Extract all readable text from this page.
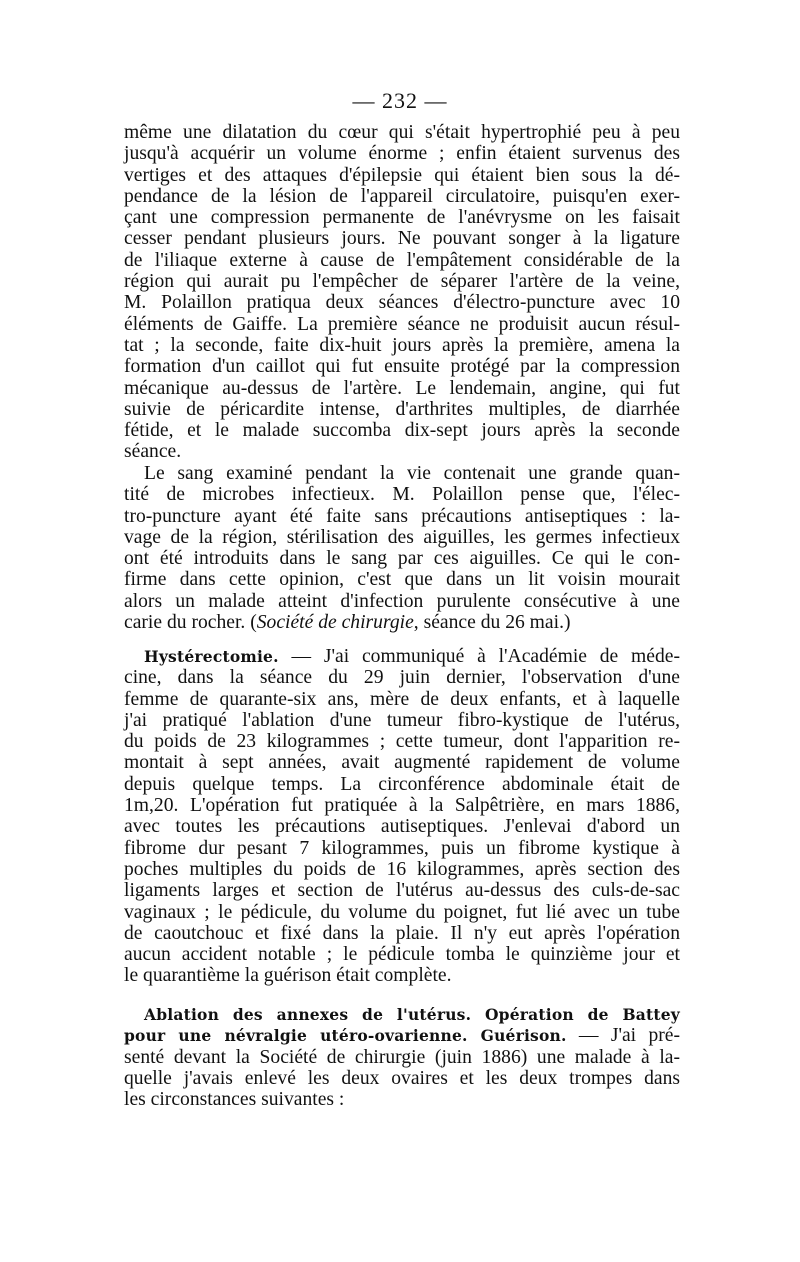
— 232 —
même une dilatation du cœur qui s'était hypertrophié peu à peu
jusqu'à acquérir un volume énorme ; enfin étaient survenus des
vertiges et des attaques d'épilepsie qui étaient bien sous la dé-
pendance de la lésion de l'appareil circulatoire, puisqu'en exer-
çant une compression permanente de l'anévrysme on les faisait
cesser pendant plusieurs jours. Ne pouvant songer à la ligature
de l'iliaque externe à cause de l'empâtement considérable de la
région qui aurait pu l'empêcher de séparer l'artère de la veine,
M. Polaillon pratiqua deux séances d'électro-puncture avec 10
éléments de Gaiffe. La première séance ne produisit aucun résul-
tat ; la seconde, faite dix-huit jours après la première, amena la
formation d'un caillot qui fut ensuite protégé par la compression
mécanique au-dessus de l'artère. Le lendemain, angine, qui fut
suivie de péricardite intense, d'arthrites multiples, de diarrhée
fétide, et le malade succomba dix-sept jours après la seconde
séance.
Le sang examiné pendant la vie contenait une grande quan-
tité de microbes infectieux. M. Polaillon pense que, l'élec-
tro-puncture ayant été faite sans précautions antiseptiques : la-
vage de la région, stérilisation des aiguilles, les germes infectieux
ont été introduits dans le sang par ces aiguilles. Ce qui le con-
firme dans cette opinion, c'est que dans un lit voisin mourait
alors un malade atteint d'infection purulente consécutive à une
carie du rocher. (Société de chirurgie, séance du 26 mai.)
Hystérectomie. — J'ai communiqué à l'Académie de méde-
cine, dans la séance du 29 juin dernier, l'observation d'une
femme de quarante-six ans, mère de deux enfants, et à laquelle
j'ai pratiqué l'ablation d'une tumeur fibro-kystique de l'utérus,
du poids de 23 kilogrammes ; cette tumeur, dont l'apparition re-
montait à sept années, avait augmenté rapidement de volume
depuis quelque temps. La circonférence abdominale était de
1m,20. L'opération fut pratiquée à la Salpêtrière, en mars 1886,
avec toutes les précautions autiseptiques. J'enlevai d'abord un
fibrome dur pesant 7 kilogrammes, puis un fibrome kystique à
poches multiples du poids de 16 kilogrammes, après section des
ligaments larges et section de l'utérus au-dessus des culs-de-sac
vaginaux ; le pédicule, du volume du poignet, fut lié avec un tube
de caoutchouc et fixé dans la plaie. Il n'y eut après l'opération
aucun accident notable ; le pédicule tomba le quinzième jour et
le quarantième la guérison était complète.
Ablation des annexes de l'utérus. Opération de Battey
pour une névralgie utéro-ovarienne. Guérison. — J'ai pré-
senté devant la Société de chirurgie (juin 1886) une malade à la-
quelle j'avais enlevé les deux ovaires et les deux trompes dans
les circonstances suivantes :
